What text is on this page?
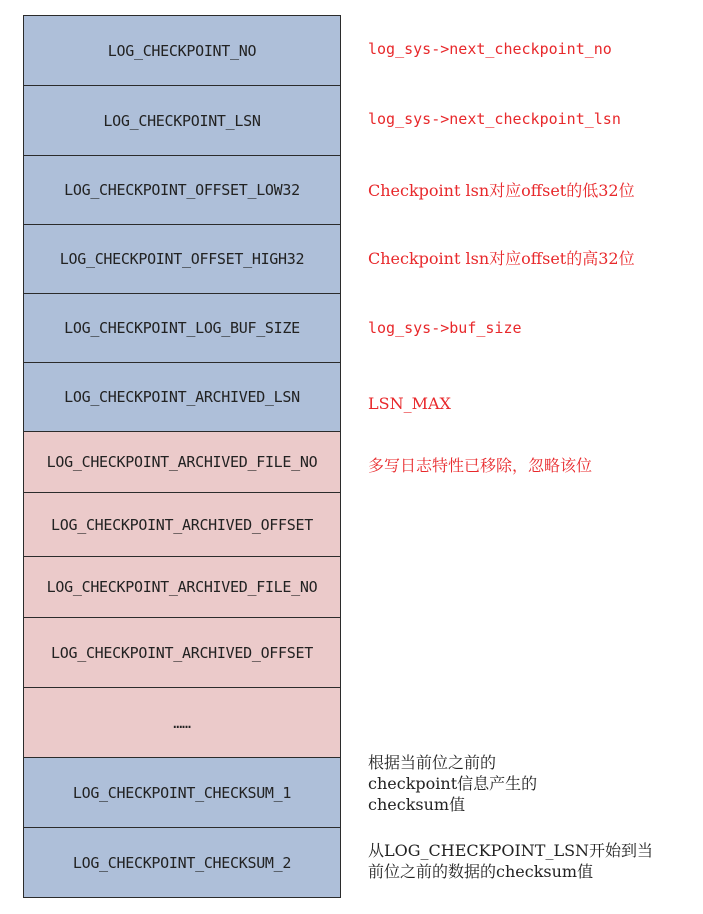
LOG_CHECKPOINT_NO
LOG_CHECKPOINT_LSN
LOG_CHECKPOINT_OFFSET_LOW32
LOG_CHECKPOINT_OFFSET_HIGH32
LOG_CHECKPOINT_LOG_BUF_SIZE
LOG_CHECKPOINT_ARCHIVED_LSN
LOG_CHECKPOINT_ARCHIVED_FILE_NO
LOG_CHECKPOINT_ARCHIVED_OFFSET
LOG_CHECKPOINT_ARCHIVED_FILE_NO
LOG_CHECKPOINT_ARCHIVED_OFFSET
……
LOG_CHECKPOINT_CHECKSUM_1
LOG_CHECKPOINT_CHECKSUM_2
log_sys->next_checkpoint_no
log_sys->next_checkpoint_lsn
Checkpoint lsn对应offset的低32位
Checkpoint lsn对应offset的高32位
log_sys->buf_size
LSN_MAX
多写日志特性已移除，忽略该位
根据当前位之前的checkpoint信息产生的checksum值
从LOG_CHECKPOINT_LSN开始到当前位之前的数据的checksum值
